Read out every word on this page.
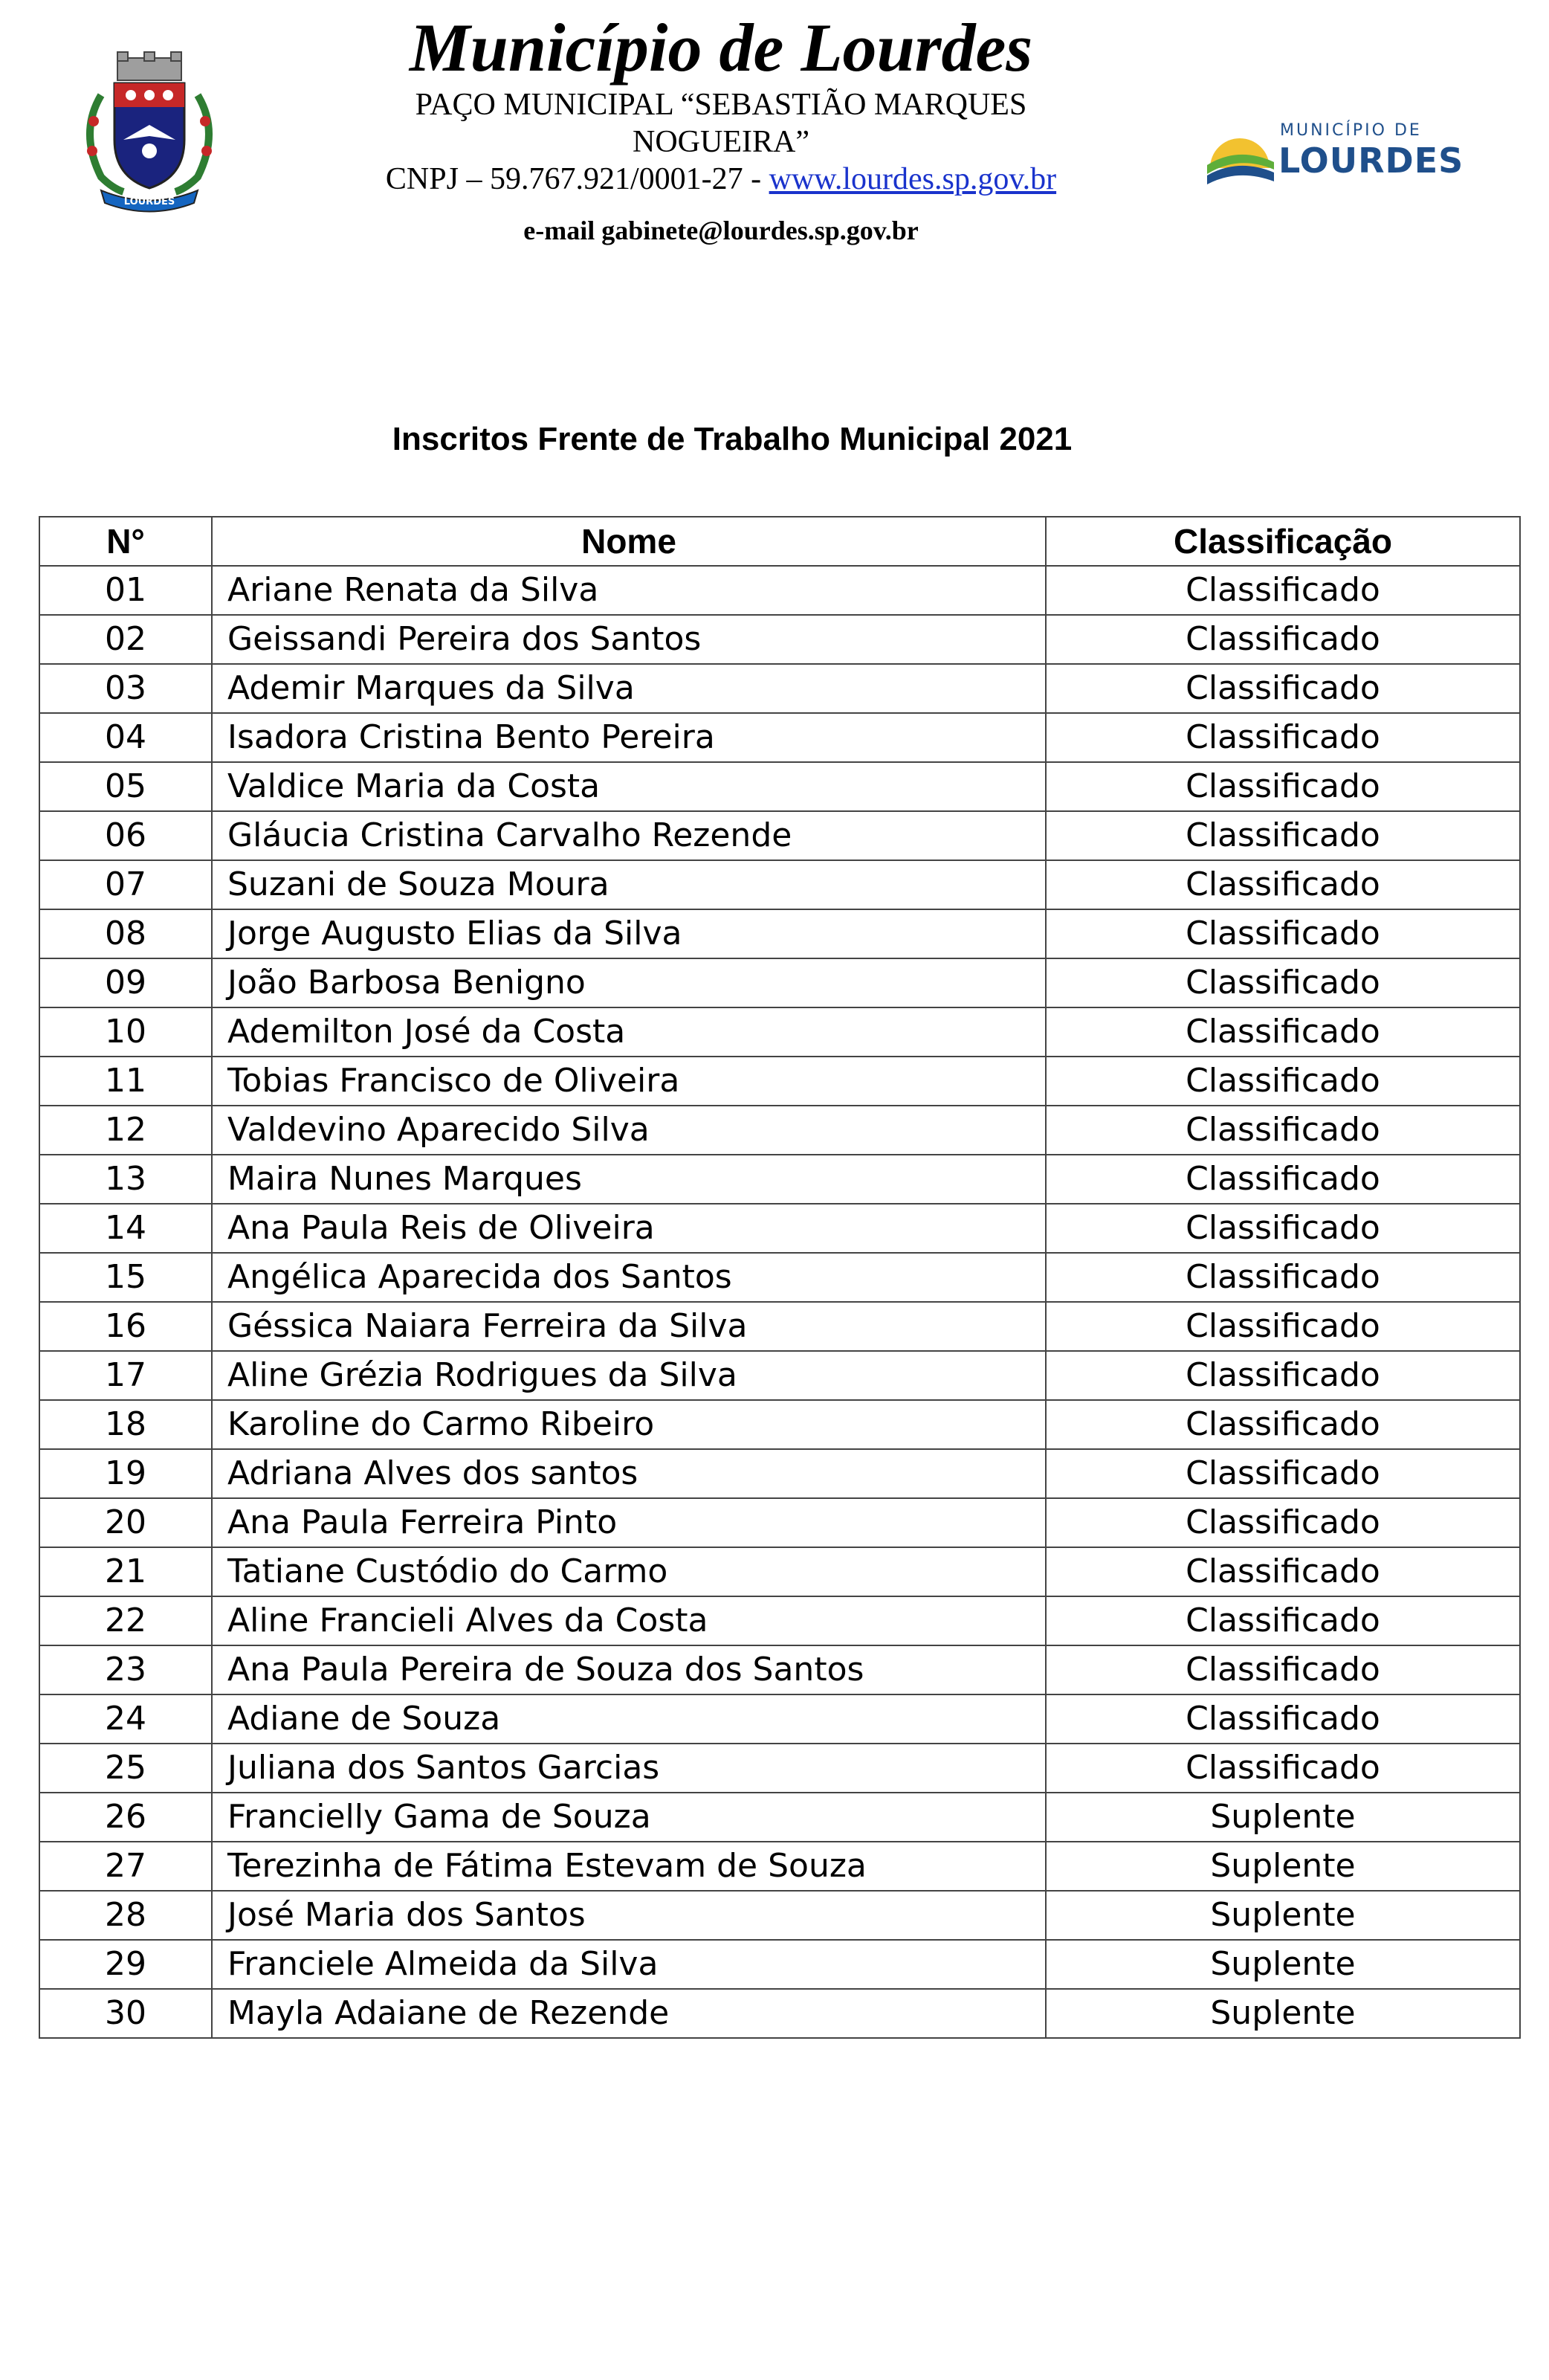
LOURDES

Município de Lourdes

PAÇO MUNICIPAL “SEBASTIÃO MARQUES

NOGUEIRA”

CNPJ – 59.767.921/0001-27 - www.lourdes.sp.gov.br

e-mail gabinete@lourdes.sp.gov.br
MUNICÍPIO DE
LOURDES
Inscritos Frente de Trabalho Municipal 2021
N°	Nome	Classificação
01	Ariane Renata da Silva	Classificado
02	Geissandi Pereira dos Santos	Classificado
03	Ademir Marques da Silva	Classificado
04	Isadora Cristina Bento Pereira	Classificado
05	Valdice Maria da Costa	Classificado
06	Gláucia Cristina Carvalho Rezende	Classificado
07	Suzani de Souza Moura	Classificado
08	Jorge Augusto Elias da Silva	Classificado
09	João Barbosa Benigno	Classificado
10	Ademilton José da Costa	Classificado
11	Tobias Francisco de Oliveira	Classificado
12	Valdevino Aparecido Silva	Classificado
13	Maira Nunes Marques	Classificado
14	Ana Paula Reis de Oliveira	Classificado
15	Angélica Aparecida dos Santos	Classificado
16	Géssica Naiara Ferreira da Silva	Classificado
17	Aline Grézia Rodrigues da Silva	Classificado
18	Karoline do Carmo Ribeiro	Classificado
19	Adriana Alves dos santos	Classificado
20	Ana Paula Ferreira Pinto	Classificado
21	Tatiane Custódio do Carmo	Classificado
22	Aline Francieli Alves da Costa	Classificado
23	Ana Paula Pereira de Souza dos Santos	Classificado
24	Adiane de Souza	Classificado
25	Juliana dos Santos Garcias	Classificado
26	Francielly Gama de Souza	Suplente
27	Terezinha de Fátima Estevam de Souza	Suplente
28	José Maria dos Santos	Suplente
29	Franciele Almeida da Silva	Suplente
30	Mayla Adaiane de Rezende	Suplente
